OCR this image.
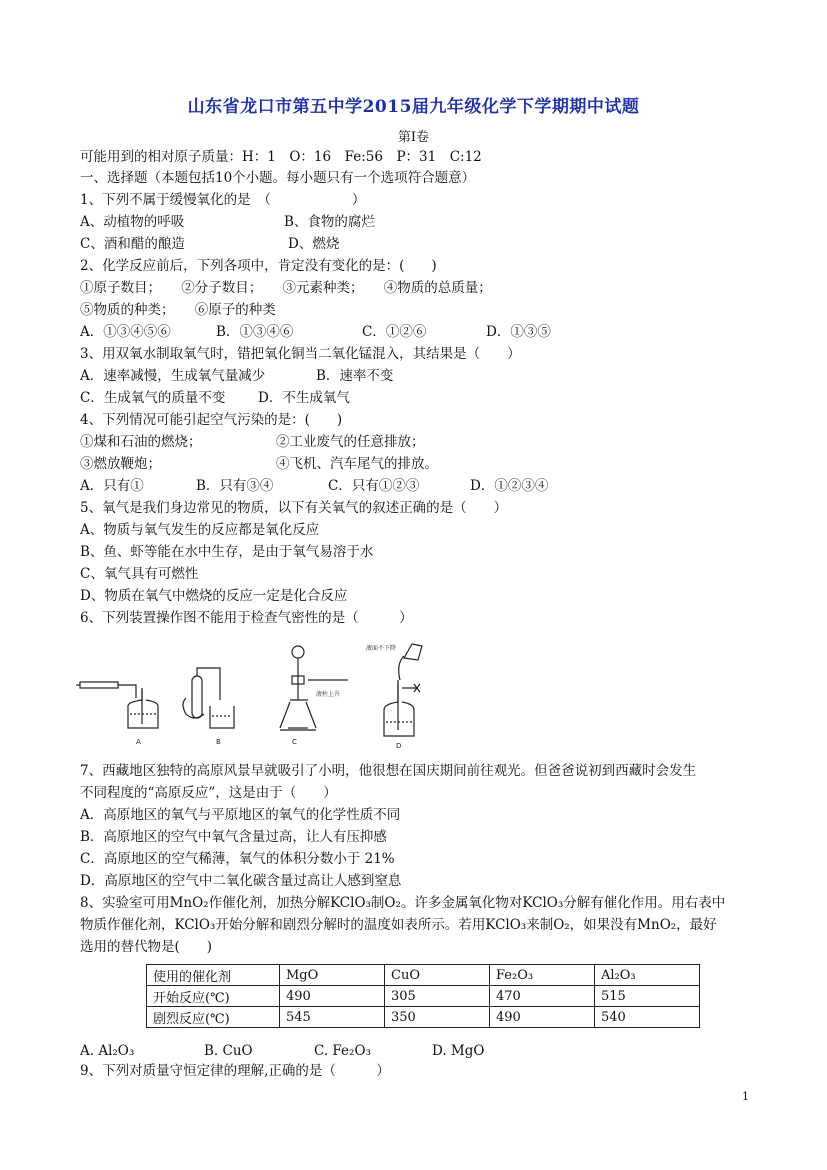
山东省龙口市第五中学2015届九年级化学下学期期中试题
第Ⅰ卷
可能用到的相对原子质量：H：1　O：16　Fe:56　P：31　C:12
一、选择题（本题包括10个小题。每小题只有一个选项符合题意）
1、下列不属于缓慢氧化的是　（　　　　　　）
A、动植物的呼吸	B、食物的腐烂
C、酒和醋的酿造	D、燃烧
2、化学反应前后，下列各项中，肯定没有变化的是：(　　)
①原子数目；　　②分子数目；　　③元素种类；　　④物质的总质量；
⑤物质的种类；　　⑥原子的种类
A．①③④⑤⑥	B．①③④⑥	C．①②⑥	D．①③⑤
3、用双氧水制取氧气时，错把氧化铜当二氧化锰混入，其结果是（　　）
A．速率减慢，生成氧气量减少	B．速率不变
C．生成氧气的质量不变 D．不生成氧气
4、下列情况可能引起空气污染的是：(　　)
①煤和石油的燃烧；	②工业废气的任意排放；
③燃放鞭炮；	④飞机、汽车尾气的排放。
A．只有①	B．只有③④	C．只有①②③	D．①②③④
5、氧气是我们身边常见的物质，以下有关氧气的叙述正确的是（　　）
A、物质与氧气发生的反应都是氧化反应
B、鱼、虾等能在水中生存，是由于氧气易溶于水
C、氧气具有可燃性
D、物质在氧气中燃烧的反应一定是化合反应
6、下列装置操作图不能用于检查气密性的是（　　　）
A	B	C	D
液柱上升
液面不下降
7、西藏地区独特的高原风景早就吸引了小明，他很想在国庆期间前往观光。但爸爸说初到西藏时会发生
不同程度的“高原反应”，这是由于（　　）
A．高原地区的氧气与平原地区的氧气的化学性质不同
B．高原地区的空气中氧气含量过高，让人有压抑感
C．高原地区的空气稀薄，氧气的体积分数小于 21%
D．高原地区的空气中二氧化碳含量过高让人感到窒息
8、实验室可用MnO₂作催化剂，加热分解KClO₃制O₂。许多金属氧化物对KClO₃分解有催化作用。用右表中
物质作催化剂，KClO₃开始分解和剧烈分解时的温度如表所示。若用KClO₃来制O₂，如果没有MnO₂，最好
选用的替代物是(　　)
使用的催化剂	MgO	CuO	Fe₂O₃	Al₂O₃
开始反应(℃)	490	305	470	515
剧烈反应(℃)	545	350	490	540
A. Al₂O₃	B. CuO	C. Fe₂O₃	D. MgO
9、下列对质量守恒定律的理解,正确的是（　　　）
1
